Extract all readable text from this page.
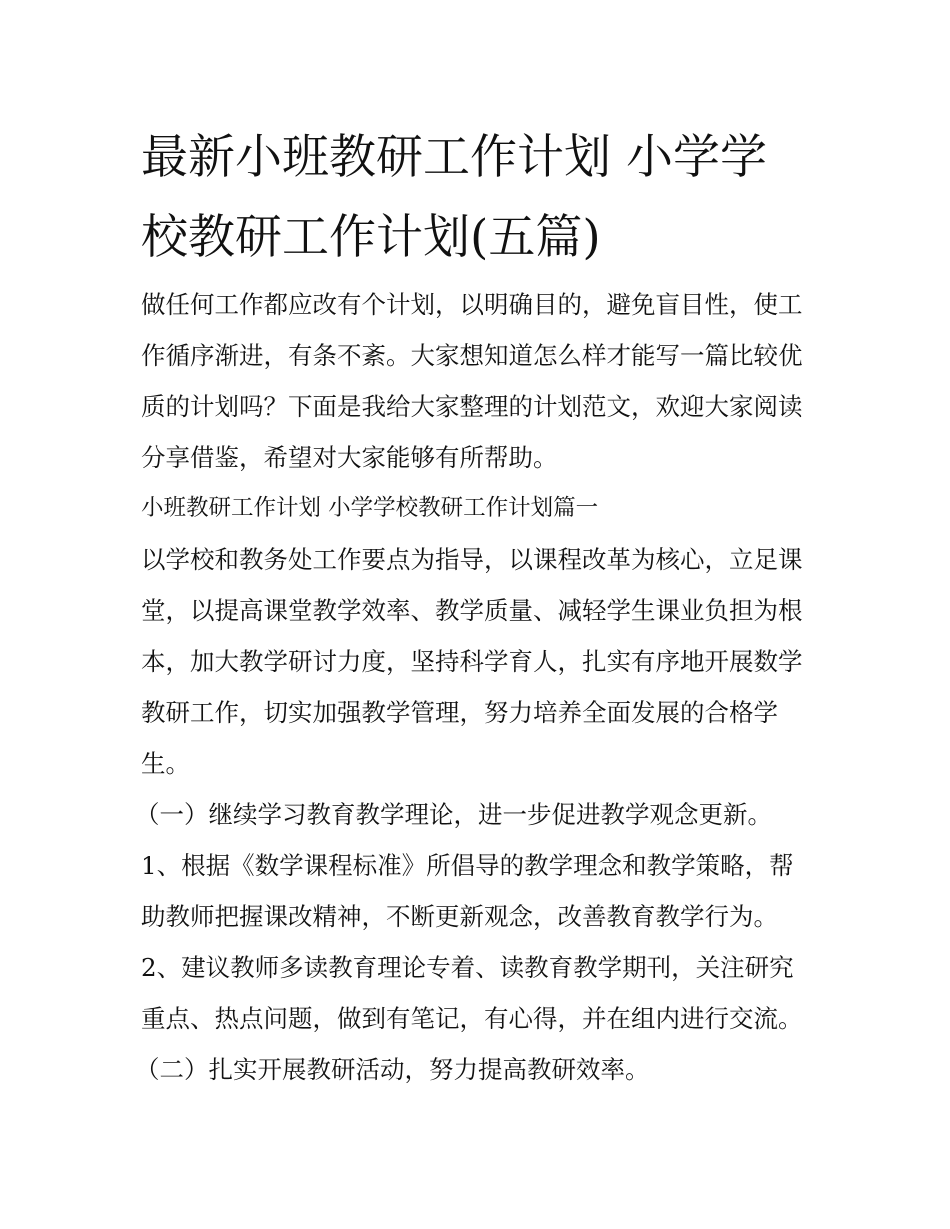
最新小班教研工作计划 小学学
校教研工作计划(五篇)
做任何工作都应改有个计划，以明确目的，避免盲目性，使工
作循序渐进，有条不紊。大家想知道怎么样才能写一篇比较优
质的计划吗？下面是我给大家整理的计划范文，欢迎大家阅读
分享借鉴，希望对大家能够有所帮助。
小班教研工作计划 小学学校教研工作计划篇一
以学校和教务处工作要点为指导，以课程改革为核心，立足课
堂，以提高课堂教学效率、教学质量、减轻学生课业负担为根
本，加大教学研讨力度，坚持科学育人，扎实有序地开展数学
教研工作，切实加强教学管理，努力培养全面发展的合格学
生。
（一）继续学习教育教学理论，进一步促进教学观念更新。
1、根据《数学课程标准》所倡导的教学理念和教学策略，帮
助教师把握课改精神，不断更新观念，改善教育教学行为。
2、建议教师多读教育理论专着、读教育教学期刊，关注研究
重点、热点问题，做到有笔记，有心得，并在组内进行交流。
（二）扎实开展教研活动，努力提高教研效率。
